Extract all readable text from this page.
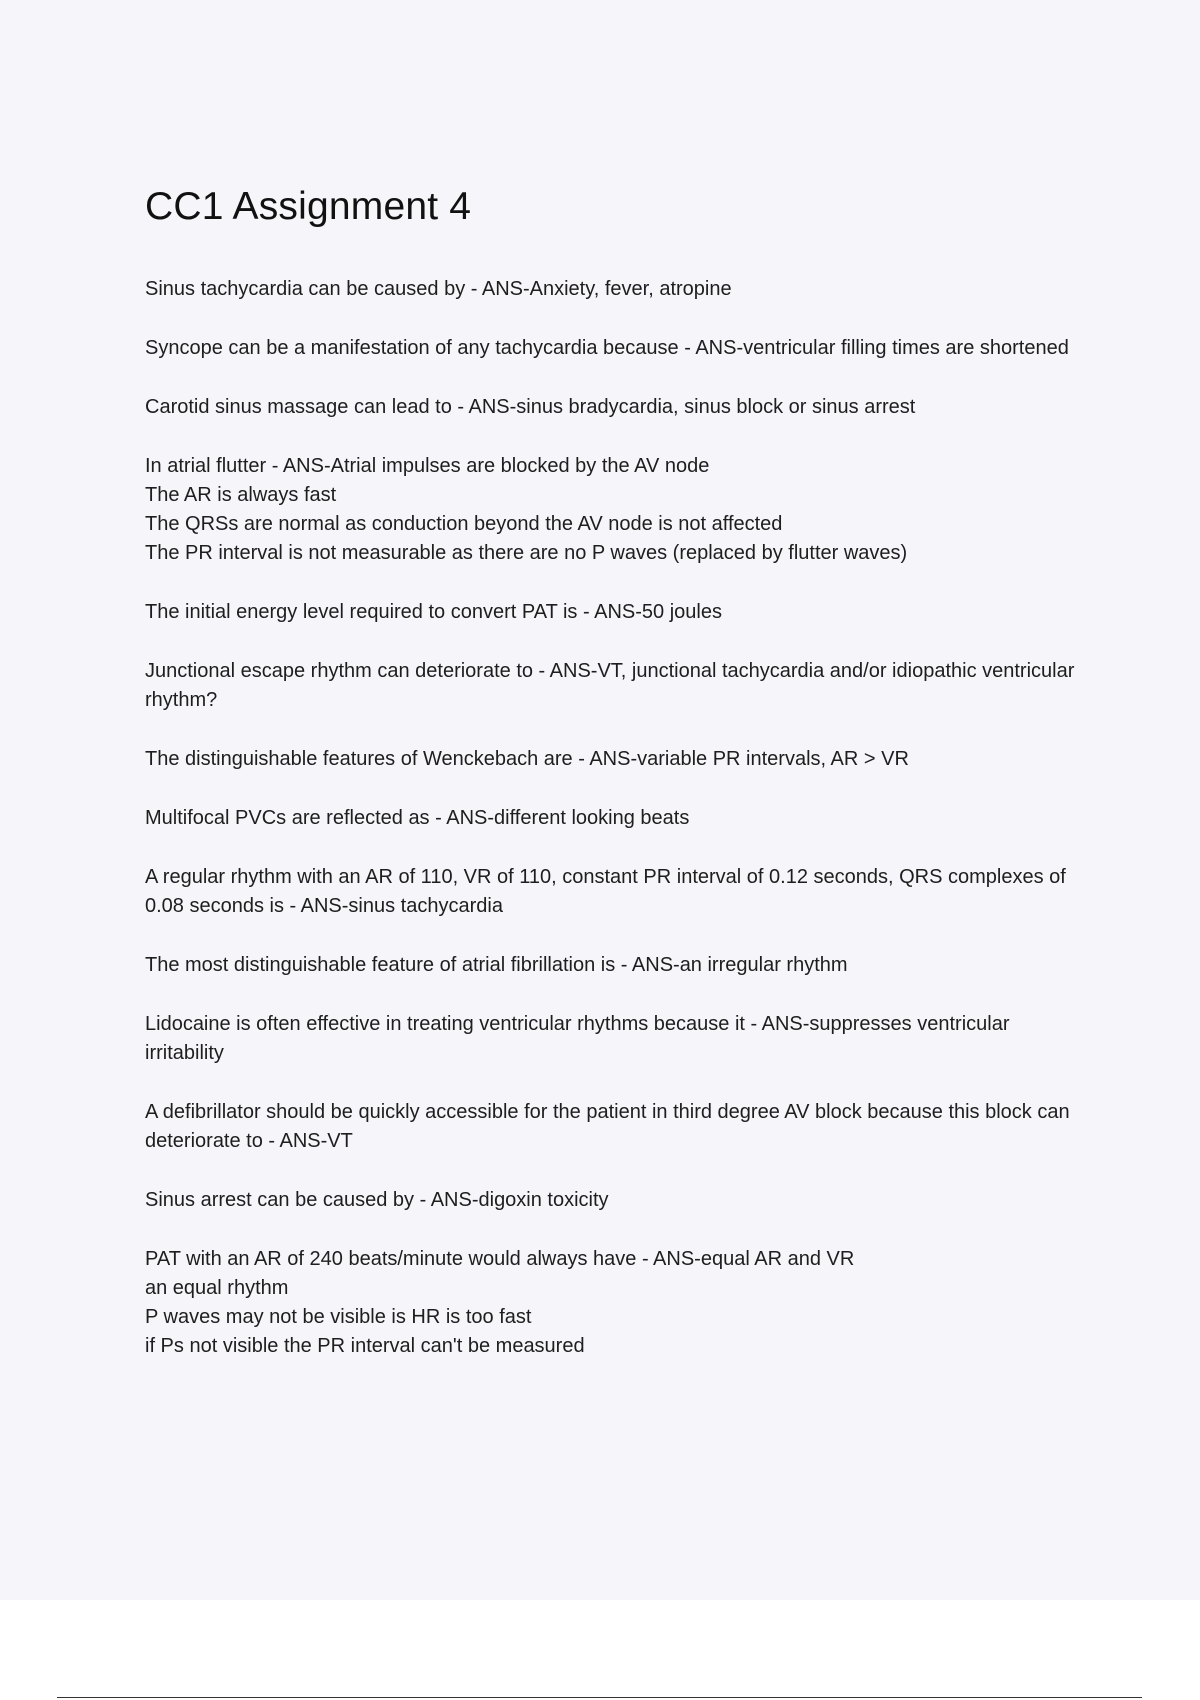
CC1 Assignment 4
Sinus tachycardia can be caused by - ANS-Anxiety, fever, atropine
Syncope can be a manifestation of any tachycardia because - ANS-ventricular filling times are shortened
Carotid sinus massage can lead to - ANS-sinus bradycardia, sinus block or sinus arrest
In atrial flutter - ANS-Atrial impulses are blocked by the AV node
The AR is always fast
The QRSs are normal as conduction beyond the AV node is not affected
The PR interval is not measurable as there are no P waves (replaced by flutter waves)
The initial energy level required to convert PAT is - ANS-50 joules
Junctional escape rhythm can deteriorate to - ANS-VT, junctional tachycardia and/or idiopathic ventricular rhythm?
The distinguishable features of Wenckebach are - ANS-variable PR intervals, AR > VR
Multifocal PVCs are reflected as - ANS-different looking beats
A regular rhythm with an AR of 110, VR of 110, constant PR interval of 0.12 seconds, QRS complexes of 0.08 seconds is - ANS-sinus tachycardia
The most distinguishable feature of atrial fibrillation is - ANS-an irregular rhythm
Lidocaine is often effective in treating ventricular rhythms because it - ANS-suppresses ventricular irritability
A defibrillator should be quickly accessible for the patient in third degree AV block because this block can deteriorate to - ANS-VT
Sinus arrest can be caused by - ANS-digoxin toxicity
PAT with an AR of 240 beats/minute would always have - ANS-equal AR and VR
an equal rhythm
P waves may not be visible is HR is too fast
if Ps not visible the PR interval can't be measured
